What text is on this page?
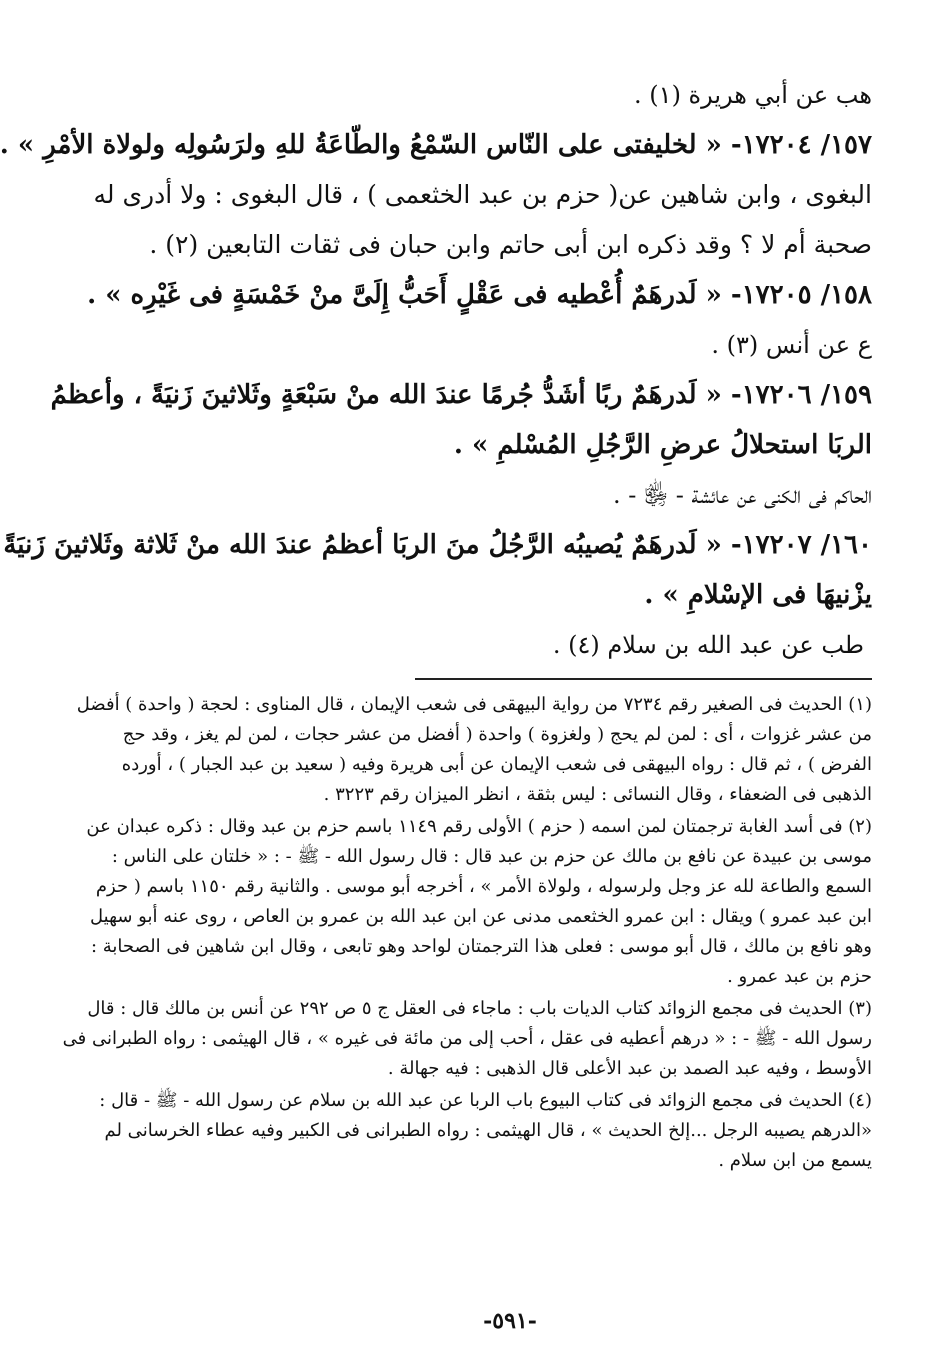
هب عن أبي هريرة (١) .
١٥٧/ ١٧٢٠٤- « لخليفتى على النّاس السّمْعُ والطّاعَةُ للهِ ولرَسُولِه ولولاة الأمْرِ » .
البغوى ، وابن شاهين عن( حزم بن عبد الخثعمى ) ، قال البغوى : ولا أدرى له
صحبة أم لا ؟ وقد ذكره ابن أبى حاتم وابن حبان فى ثقات التابعين (٢) .
١٥٨/ ١٧٢٠٥- « لَدرهَمٌ أُعْطيه فى عَقْلٍ أَحَبُّ إِلَىَّ منْ خَمْسَةٍ فى غَيْرِه » .
ع عن أنس (٣) .
١٥٩/ ١٧٢٠٦- « لَدرهَمٌ ربًا أشَدُّ جُرمًا عندَ الله منْ سَبْعَةٍ وثَلاثينَ زَنيَةً ، وأعظمُ
الربَا استحلالُ عرضِ الرَّجُلِ المُسْلمِ » .
الحاكم فى الكنى عن عائشة - ﵂ - .
١٦٠/ ١٧٢٠٧- « لَدرهَمٌ يُصيبُه الرَّجُلُ منَ الربَا أعظمُ عندَ الله منْ ثَلاثة وثَلاثينَ زَنيَةً
يزْنيهَا فى الإسْلامِ » .
طب عن عبد الله بن سلام (٤) .
(١) الحديث فى الصغير رقم ٧٢٣٤ من رواية البيهقى فى شعب الإيمان ، قال المناوى : لحجة ( واحدة ) أفضل
من عشر غزوات ، أى : لمن لم يحج ( ولغزوة ) واحدة ( أفضل من عشر حجات ، لمن لم يغز ، وقد حج
الفرض ) ، ثم قال : رواه البيهقى فى شعب الإيمان عن أبى هريرة وفيه ( سعيد بن عبد الجبار ) ، أورده
الذهبى فى الضعفاء ، وقال النسائى : ليس بثقة ، انظر الميزان رقم ٣٢٢٣ .
(٢) فى أسد الغابة ترجمتان لمن اسمه ( حزم ) الأولى رقم ١١٤٩ باسم حزم بن عبد وقال : ذكره عبدان عن
موسى بن عبيدة عن نافع بن مالك عن حزم بن عبد قال : قال رسول الله - ﷺ - : « خلتان على الناس :
السمع والطاعة لله عز وجل ولرسوله ، ولولاة الأمر » ، أخرجه أبو موسى . والثانية رقم ١١٥٠ باسم ( حزم
ابن عبد عمرو ) ويقال : ابن عمرو الخثعمى مدنى عن ابن عبد الله بن عمرو بن العاص ، روى عنه أبو سهيل
وهو نافع بن مالك ، قال أبو موسى : فعلى هذا الترجمتان لواحد وهو تابعى ، وقال ابن شاهين فى الصحابة :
حزم بن عبد عمرو .
(٣) الحديث فى مجمع الزوائد كتاب الديات باب : ماجاء فى العقل ج ٥ ص ٢٩٢ عن أنس بن مالك قال : قال
رسول الله - ﷺ - : « درهم أعطيه فى عقل ، أحب إلى من مائة فى غيره » ، قال الهيثمى : رواه الطبرانى فى
الأوسط ، وفيه عبد الصمد بن عبد الأعلى قال الذهبى : فيه جهالة .
(٤) الحديث فى مجمع الزوائد فى كتاب البيوع باب الربا عن عبد الله بن سلام عن رسول الله - ﷺ - قال :
«الدرهم يصيبه الرجل ...إلخ الحديث » ، قال الهيثمى : رواه الطبرانى فى الكبير وفيه عطاء الخرسانى لم
يسمع من ابن سلام .
-٥٩١-
